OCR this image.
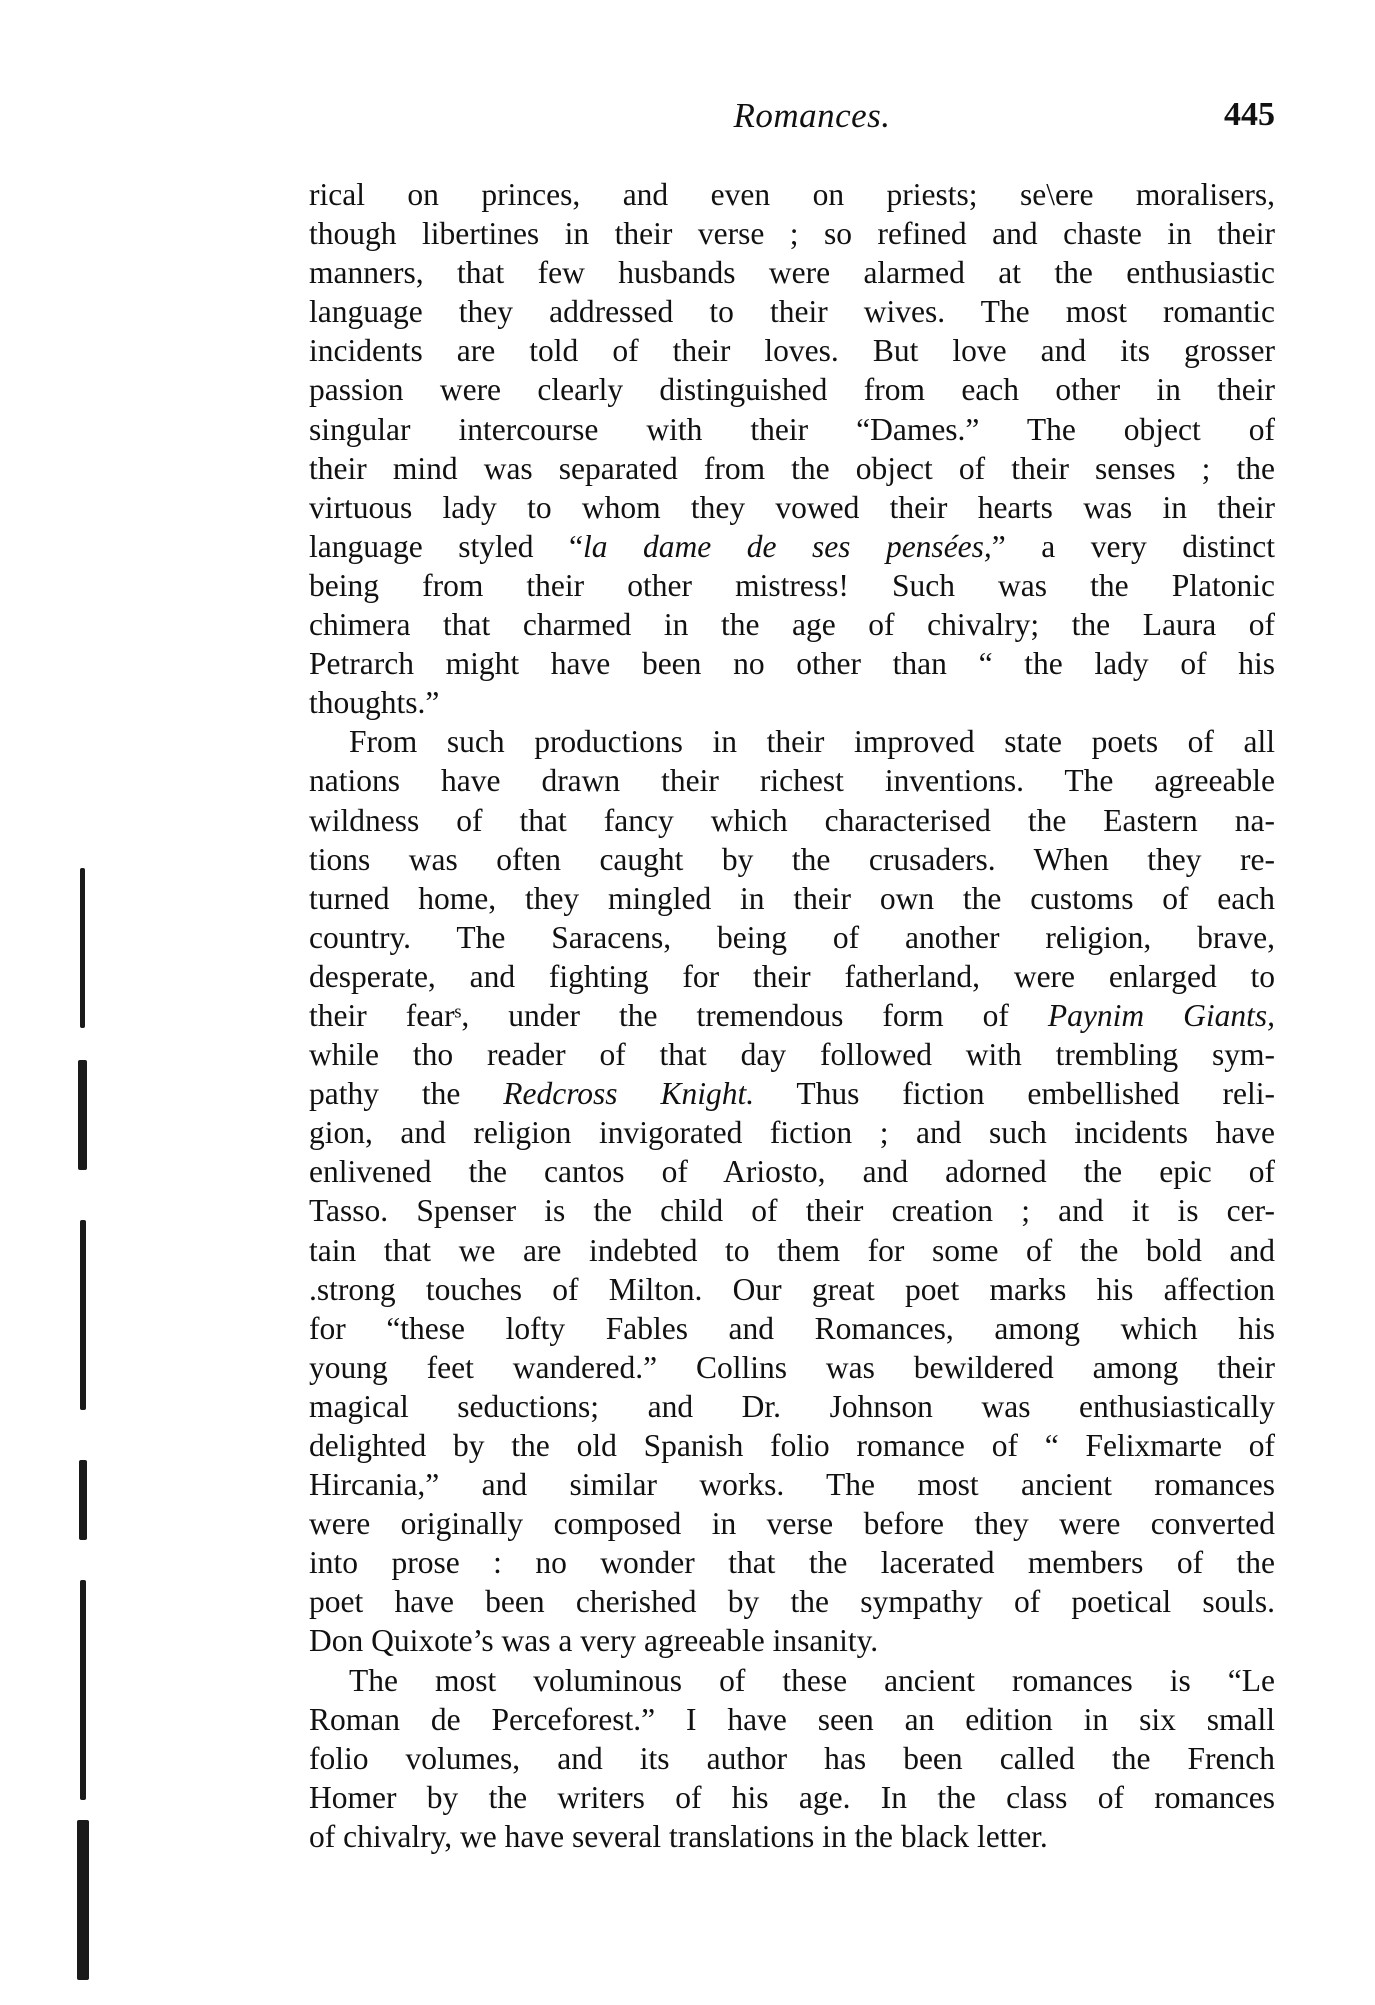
Romances.	445
rical on princes, and even on priests; se\ere moralisers,
though libertines in their verse ; so refined and chaste in their
manners, that few husbands were alarmed at the enthusiastic
language they addressed to their wives. The most romantic
incidents are told of their loves. But love and its grosser
passion were clearly distinguished from each other in their
singular intercourse with their “Dames.” The object of
their mind was separated from the object of their senses ; the
virtuous lady to whom they vowed their hearts was in their
language styled “la dame de ses pensées,” a very distinct
being from their other mistress! Such was the Platonic
chimera that charmed in the age of chivalry; the Laura of
Petrarch might have been no other than “ the lady of his
thoughts.”
From such productions in their improved state poets of all
nations have drawn their richest inventions. The agreeable
wildness of that fancy which characterised the Eastern na-
tions was often caught by the crusaders. When they re-
turned home, they mingled in their own the customs of each
country. The Saracens, being of another religion, brave,
desperate, and fighting for their fatherland, were enlarged to
their fearˢ, under the tremendous form of Paynim Giants,
while tho reader of that day followed with trembling sym-
pathy the Redcross Knight. Thus fiction embellished reli-
gion, and religion invigorated fiction ; and such incidents have
enlivened the cantos of Ariosto, and adorned the epic of
Tasso. Spenser is the child of their creation ; and it is cer-
tain that we are indebted to them for some of the bold and
.strong touches of Milton. Our great poet marks his affection
for “these lofty Fables and Romances, among which his
young feet wandered.” Collins was bewildered among their
magical seductions; and Dr. Johnson was enthusiastically
delighted by the old Spanish folio romance of “ Felixmarte of
Hircania,” and similar works. The most ancient romances
were originally composed in verse before they were converted
into prose : no wonder that the lacerated members of the
poet have been cherished by the sympathy of poetical souls.
Don Quixote’s was a very agreeable insanity.
The most voluminous of these ancient romances is “Le
Roman de Perceforest.” I have seen an edition in six small
folio volumes, and its author has been called the French
Homer by the writers of his age. In the class of romances
of chivalry, we have several translations in the black letter.
